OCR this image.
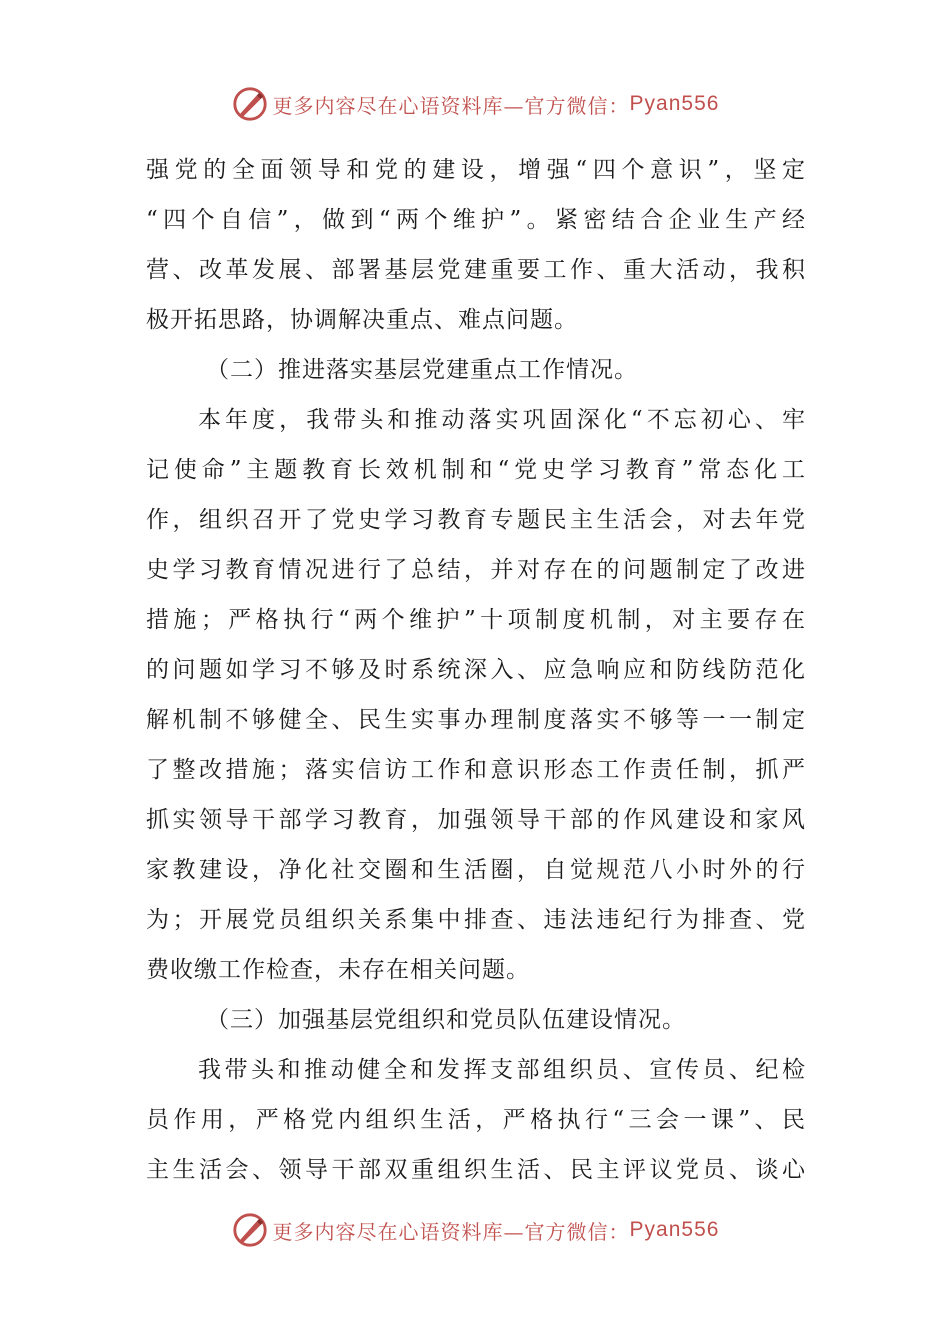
更多内容尽在心语资料库—官方微信： Pyan556
强党的全面领导和党的建设，增强“四个意识”，坚定
“四个自信”，做到“两个维护”。紧密结合企业生产经
营、改革发展、部署基层党建重要工作、重大活动，我积
极开拓思路，协调解决重点、难点问题。
（二）推进落实基层党建重点工作情况。
本年度，我带头和推动落实巩固深化“不忘初心、牢
记使命”主题教育长效机制和“党史学习教育”常态化工
作，组织召开了党史学习教育专题民主生活会，对去年党
史学习教育情况进行了总结，并对存在的问题制定了改进
措施；严格执行“两个维护”十项制度机制，对主要存在
的问题如学习不够及时系统深入、应急响应和防线防范化
解机制不够健全、民生实事办理制度落实不够等一一制定
了整改措施；落实信访工作和意识形态工作责任制，抓严
抓实领导干部学习教育，加强领导干部的作风建设和家风
家教建设，净化社交圈和生活圈，自觉规范八小时外的行
为；开展党员组织关系集中排查、违法违纪行为排查、党
费收缴工作检查，未存在相关问题。
（三）加强基层党组织和党员队伍建设情况。
我带头和推动健全和发挥支部组织员、宣传员、纪检
员作用，严格党内组织生活，严格执行“三会一课”、民
主生活会、领导干部双重组织生活、民主评议党员、谈心
更多内容尽在心语资料库—官方微信： Pyan556
